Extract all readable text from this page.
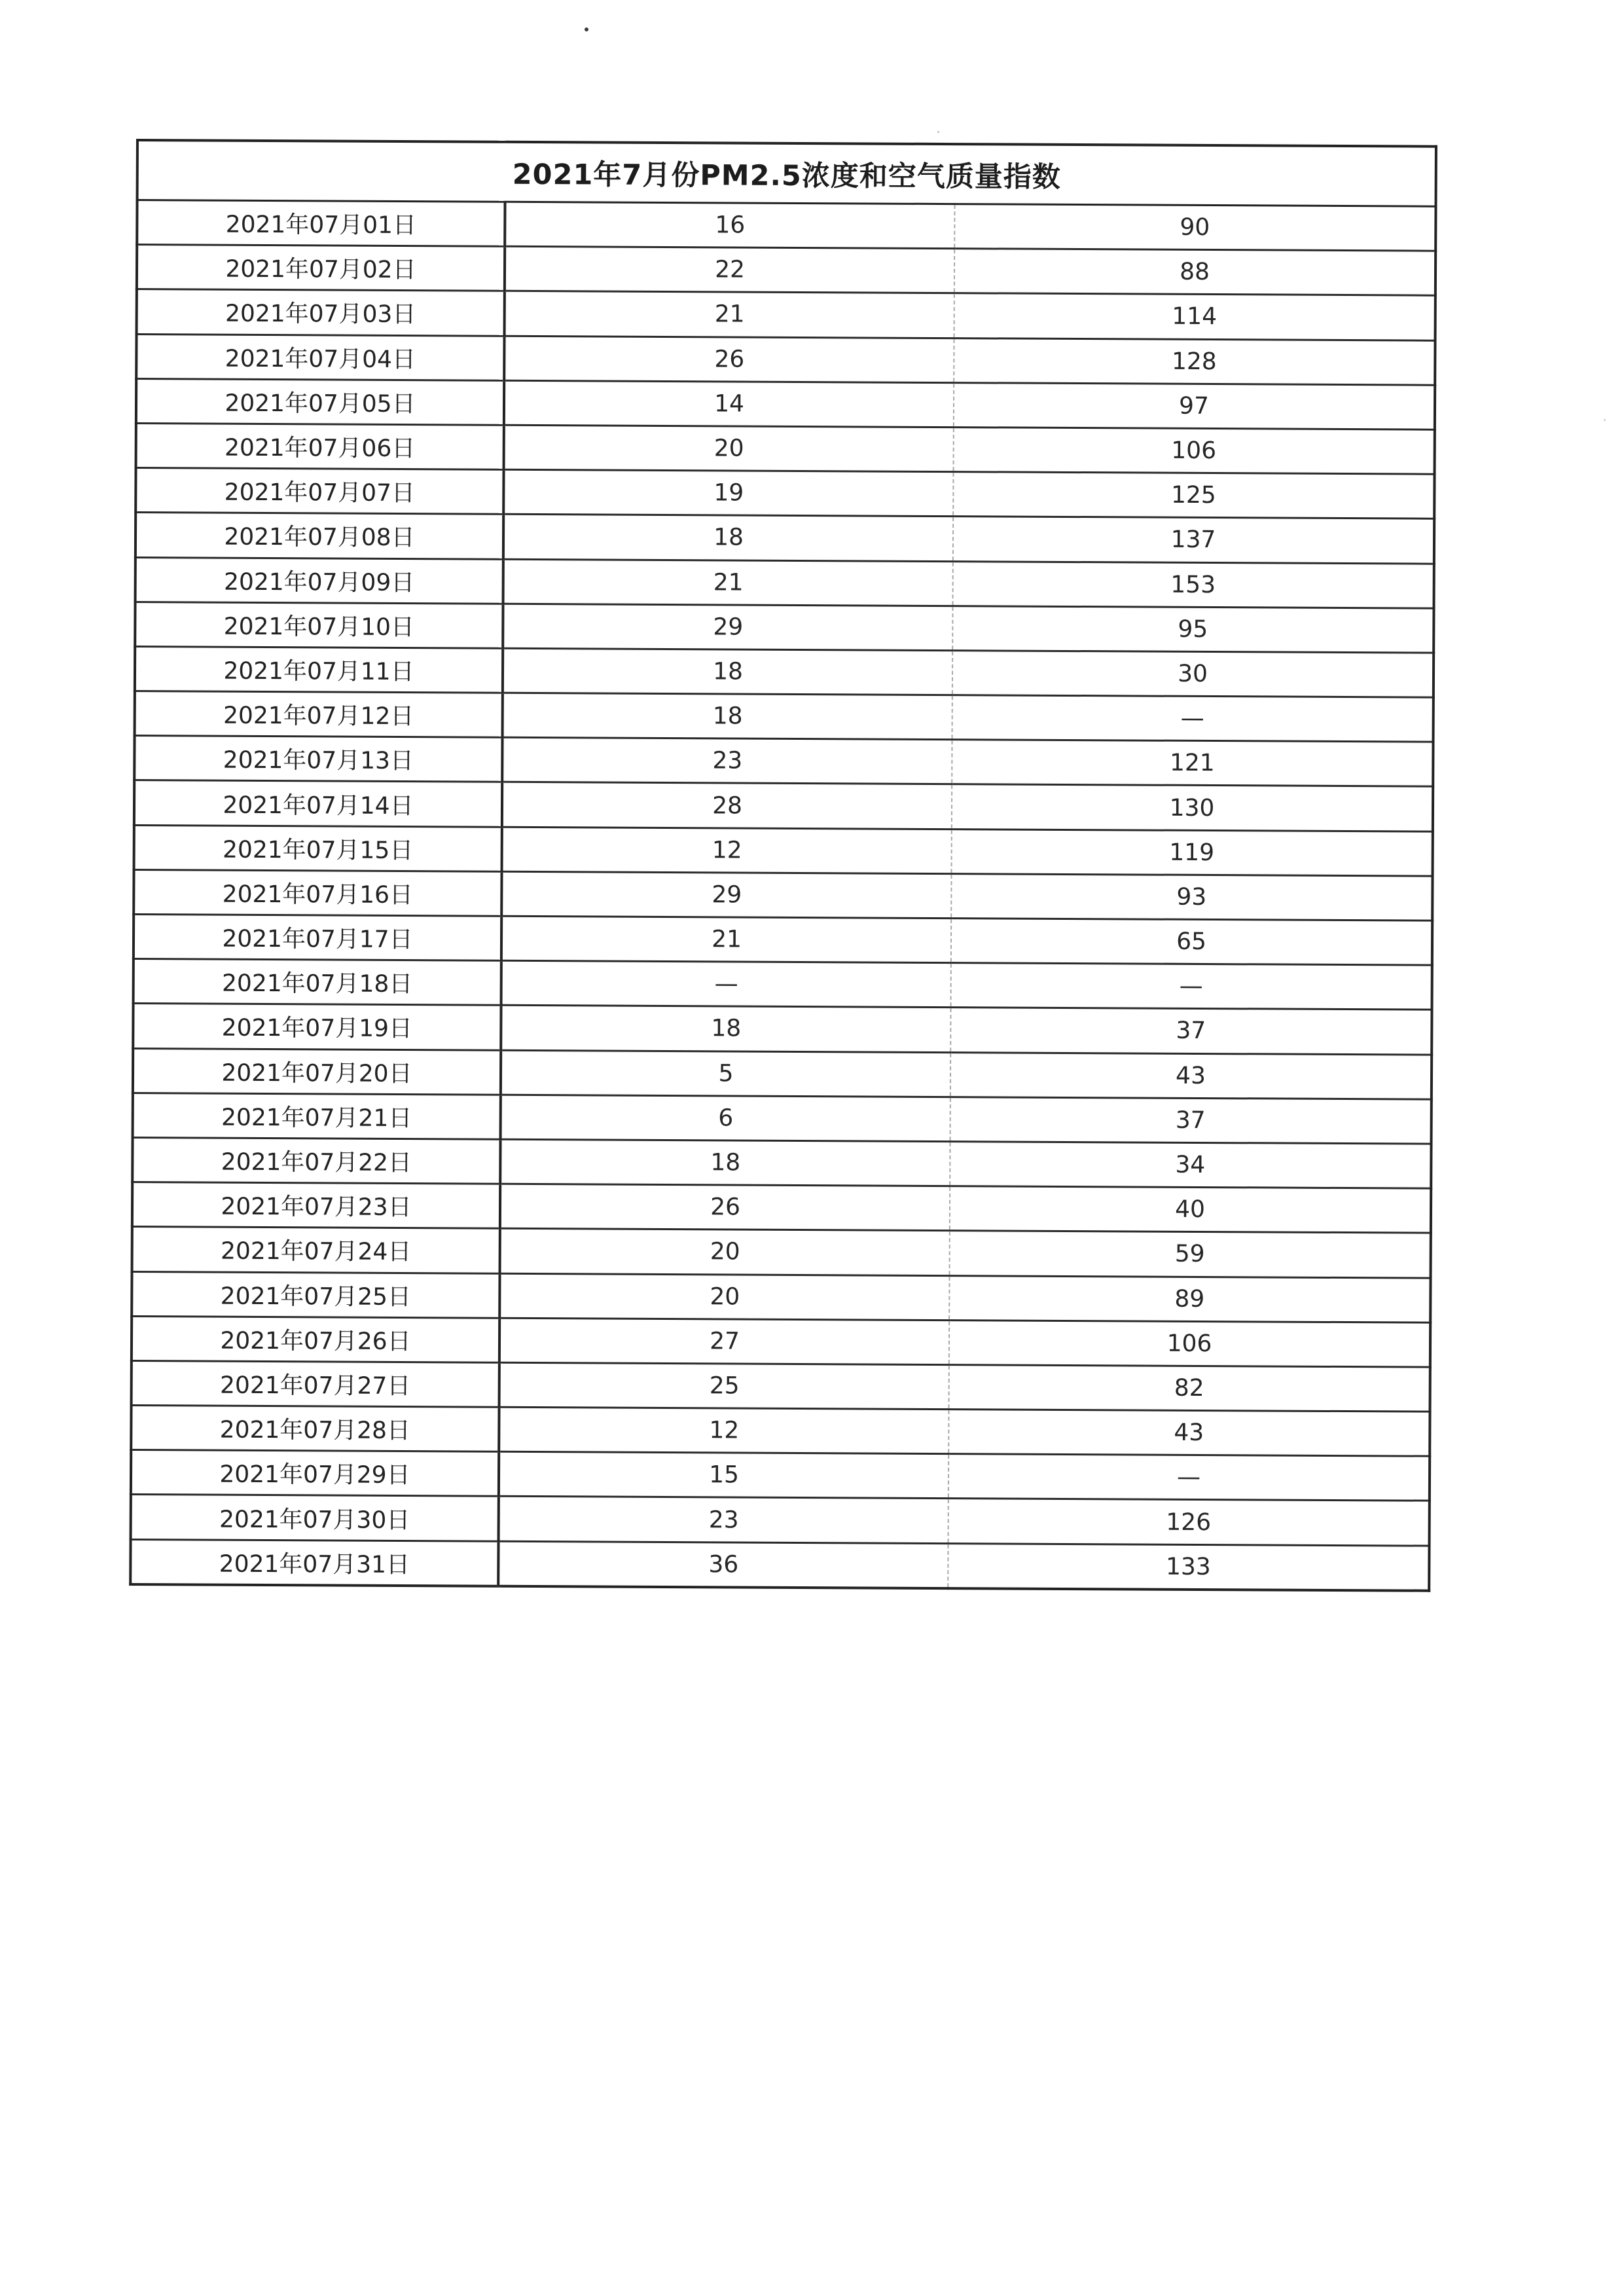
2021年7月份PM2.5浓度和空气质量指数		
2021年07月01日	16	90
2021年07月02日	22	88
2021年07月03日	21	114
2021年07月04日	26	128
2021年07月05日	14	97
2021年07月06日	20	106
2021年07月07日	19	125
2021年07月08日	18	137
2021年07月09日	21	153
2021年07月10日	29	95
2021年07月11日	18	30
2021年07月12日	18	—
2021年07月13日	23	121
2021年07月14日	28	130
2021年07月15日	12	119
2021年07月16日	29	93
2021年07月17日	21	65
2021年07月18日	—	—
2021年07月19日	18	37
2021年07月20日	5	43
2021年07月21日	6	37
2021年07月22日	18	34
2021年07月23日	26	40
2021年07月24日	20	59
2021年07月25日	20	89
2021年07月26日	27	106
2021年07月27日	25	82
2021年07月28日	12	43
2021年07月29日	15	—
2021年07月30日	23	126
2021年07月31日	36	133
